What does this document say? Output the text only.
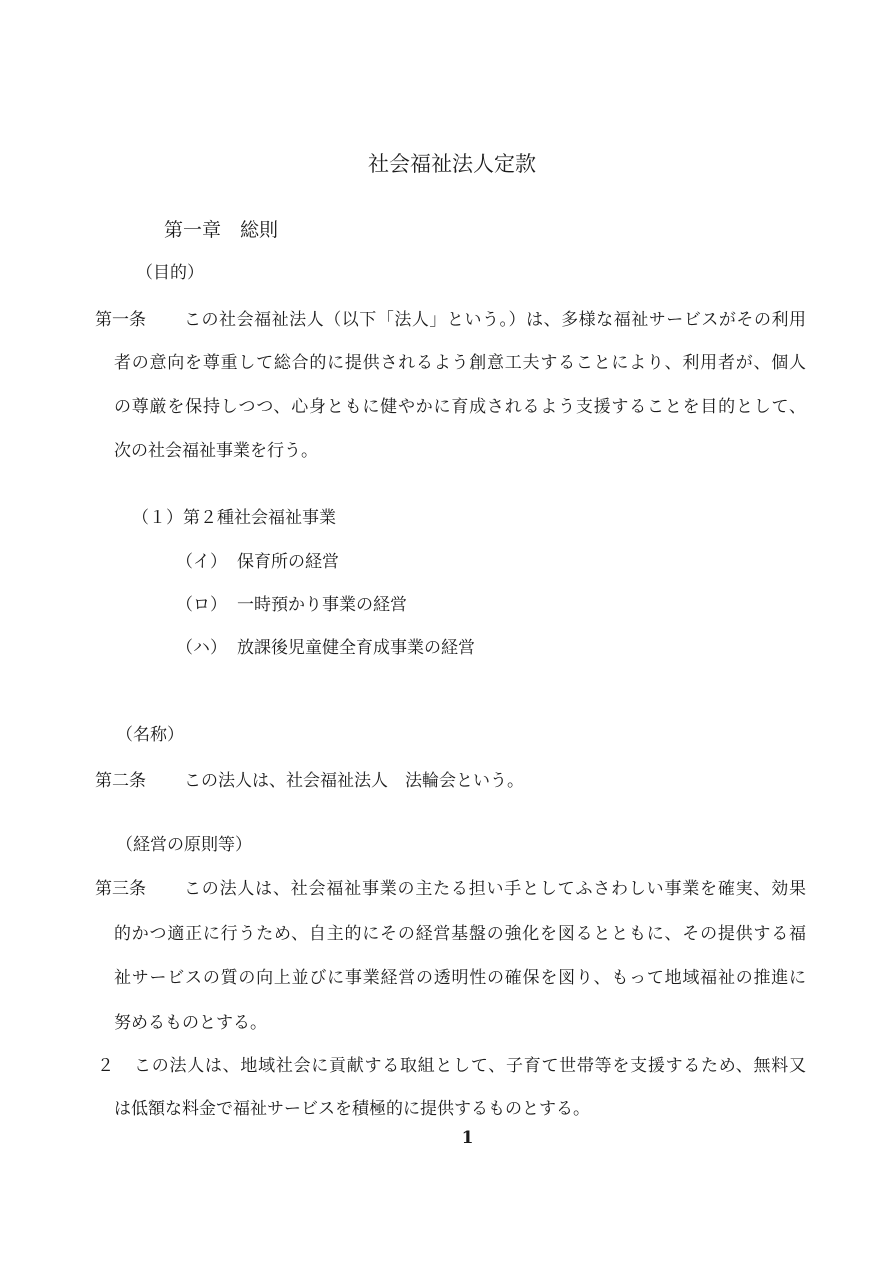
社会福祉法人定款
第一章 総則
（目的）
第一条 この社会福祉法人（以下「法人」という。）は、多様な福祉サービスがその利用
者の意向を尊重して総合的に提供されるよう創意工夫することにより、利用者が、個人
の尊厳を保持しつつ、心身ともに健やかに育成されるよう支援することを目的として、
次の社会福祉事業を行う。
（１）第２種社会福祉事業
（イ） 保育所の経営
（ロ） 一時預かり事業の経営
（ハ） 放課後児童健全育成事業の経営
（名称）
第二条 この法人は、社会福祉法人　法輪会という。
（経営の原則等）
第三条 この法人は、社会福祉事業の主たる担い手としてふさわしい事業を確実、効果
的かつ適正に行うため、自主的にその経営基盤の強化を図るとともに、その提供する福
祉サービスの質の向上並びに事業経営の透明性の確保を図り、もって地域福祉の推進に
努めるものとする。
２ この法人は、地域社会に貢献する取組として、子育て世帯等を支援するため、無料又
は低額な料金で福祉サービスを積極的に提供するものとする。
1
